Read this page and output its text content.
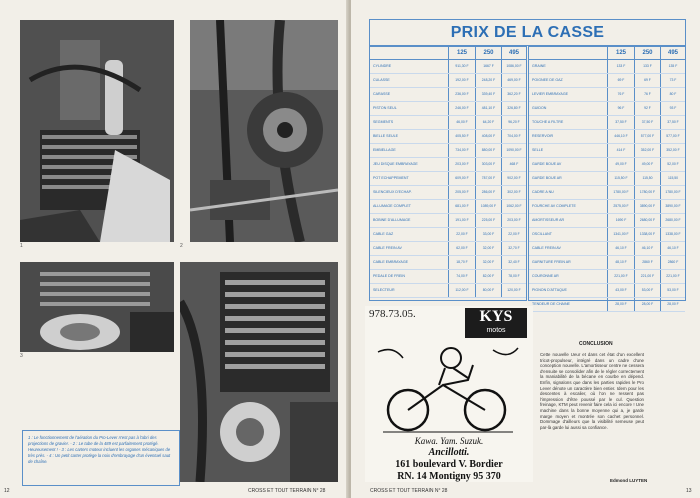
1	2
3
1 : Le fonctionnement de l'aération du Pro-Lever n'est pas à l'abri des projections de gravier. - 2 : Le tube de la 489 est parfaitement protégé. Heureusement ! - 3 : Les carters moteur incluent les organes mécaniques de très près. - 4 : Un petit carter protège la noix d'embrayage d'un éventuel saut de chaîne.
12	CROSS ET TOUT TERRAIN N° 28
PRIX DE LA CASSE
125	250	495
CYLINDRE	911,30 F	1667 F	1086,00 F
CULASSE	192,00 F	248,20 F	469,00 F
CARASSE	236,00 F	339,40 F	362,20 F
PISTON SEUL	246,00 F	481,10 F	326,80 F
SEGMENTS	46,00 F	64,20 F	96,20 F
BIELLE SEULE	405,50 F	408,00 F	704,00 F
EMBIELLAGE	734,00 F	880,00 F	1090,00 F
JEU DISQUE EMBRAYAGE	203,00 F	303,00 F	468 F
POT ECHAPPEMENT	609,00 F	787,00 F	902,00 F
SILENCIEUX D'ECHAP.	205,00 F	286,00 F	302,00 F
ALLUMAGE COMPLET	681,00 F	1089,00 F	1062,00 F
BOBINE D'ALLUMAGE	191,00 F	225,00 F	203,00 F
CABLE GAZ	22,00 F	33,00 F	22,00 F
CABLE FREIN AV	62,00 F	32,00 F	32,70 F
CABLE EMBRAYAGE	18,70 F	32,00 F	32,40 F
PEDALE DE FREIN	74,00 F	82,00 F	78,00 F
SELECTEUR	112,00 F	80,00 F	120,00 F
125	250	495
GRAINE	133 F	133 F	135 F
POIGNEE DE GAZ	69 F	69 F	73 F
LEVIER EMBRAYAGE	76 F	76 F	80 F
GUIDON	96 F	92 F	93 F
TOUCHE A FILTRE	37,50 F	37,50 F	37,50 F
RESERVOIR	446,10 F	577,00 F	577,00 F
SELLE	414 F	352,00 F	352,00 F
GARDE BOUE AV	49,00 F	49,00 F	52,00 F
GARDE BOUE AR	115,50 F	115,50	115,50
CADRE A NU	1780,00 F	1780,00 F	1780,00 F
FOURCHE AV COMPLETE	2575,00 F	3890,00 F	3890,00 F
AMORTISSEUR AR	1690 F	2680,00 F	2680,00 F
OSCILLANT	1341,00 F	1338,00 F	1338,00 F
CABLE FREIN AV	46,10 F	46,10 F	46,10 F
GARNITURE FREIN AR	48,10 F	2860 F	2860 F
COURONNE AR	221,00 F	221,00 F	221,00 F
PIGNON D'ATTAQUE	43,00 F	53,00 F	53,00 F
TENDEUR DE CHAINE	28,00 F	28,00 F	28,00 F
978.73.05.	KYS
motos
Kawa. Yam. Suzuk.
Ancillotti.
161 boulevard V. Bordier
RN. 14 Montigny 95 370
CONCLUSION
Cette nouvelle Ueur et dans cet état d'un excellent tricot-propulseur, intégré dans un cadre d'une conception nouvelle. L'amortisseur centre ne cessera d'ensuite se consolider afin de le régler correctement la maniabilité de la bécane en courbe en dépend. Enfin, signalons que dans les parties rapides le Pro Lever dénote un caractère bien entier. Idem pour les descentes à escalier, où l'on ne ressent pas l'impression d'être poussé par le cul. Question freinage, KTM peut revenir faire cela ici encore ! Une machine dans la bonne moyenne qui a, je garde marge moyen et montrée son cachet personnel. Dommage d'ailleurs que la visibilité semeuse peut par-là garde lui aussi sa confiance.
Edmond LUYTEN
CROSS ET TOUT TERRAIN N° 28	13
